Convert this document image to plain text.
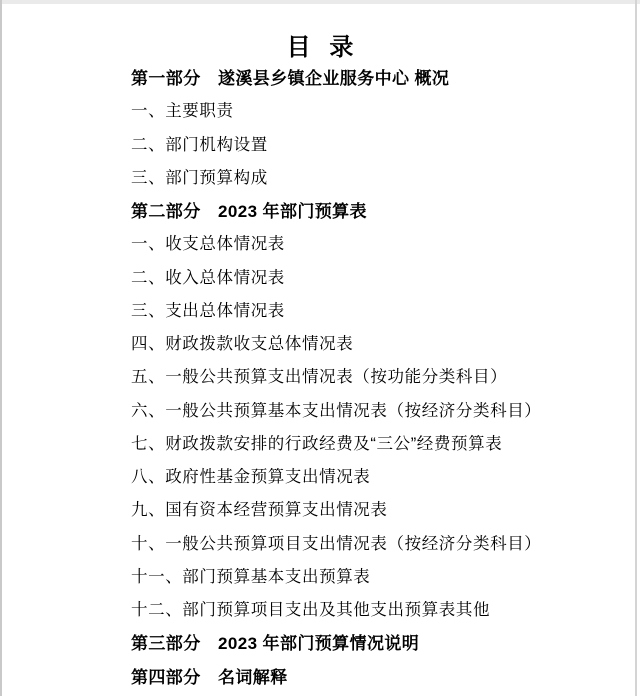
目 录
第一部分　遂溪县乡镇企业服务中心 概况
一、主要职责
二、部门机构设置
三、部门预算构成
第二部分　2023 年部门预算表
一、收支总体情况表
二、收入总体情况表
三、支出总体情况表
四、财政拨款收支总体情况表
五、一般公共预算支出情况表（按功能分类科目）
六、一般公共预算基本支出情况表（按经济分类科目）
七、财政拨款安排的行政经费及“三公”经费预算表
八、政府性基金预算支出情况表
九、国有资本经营预算支出情况表
十、一般公共预算项目支出情况表（按经济分类科目）
十一、部门预算基本支出预算表
十二、部门预算项目支出及其他支出预算表其他
第三部分　2023 年部门预算情况说明
第四部分　名词解释
